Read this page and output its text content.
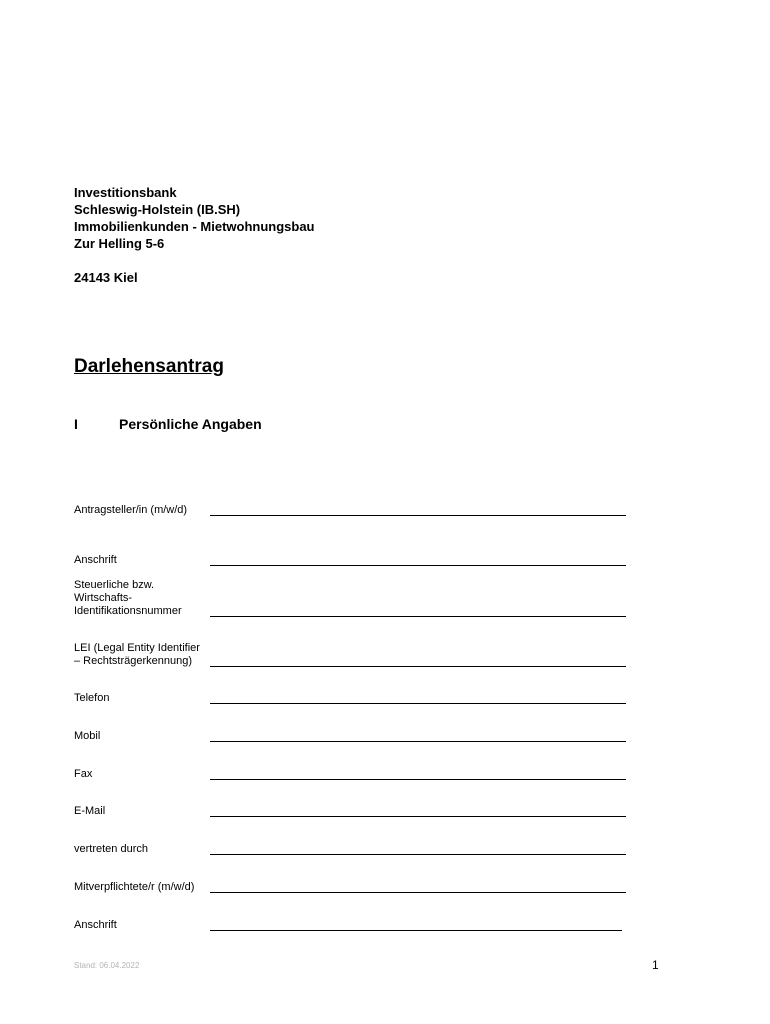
Investitionsbank
Schleswig-Holstein (IB.SH)
Immobilienkunden - Mietwohnungsbau
Zur Helling 5-6
24143 Kiel
Darlehensantrag
I	Persönliche Angaben
Antragsteller/in (m/w/d)
Anschrift
Steuerliche bzw.
Wirtschafts-
Identifikationsnummer
LEI (Legal Entity Identifier
– Rechtsträgerkennung)
Telefon
Mobil
Fax
E-Mail
vertreten durch
Mitverpflichtete/r (m/w/d)
Anschrift
Stand: 06.04.2022	1
